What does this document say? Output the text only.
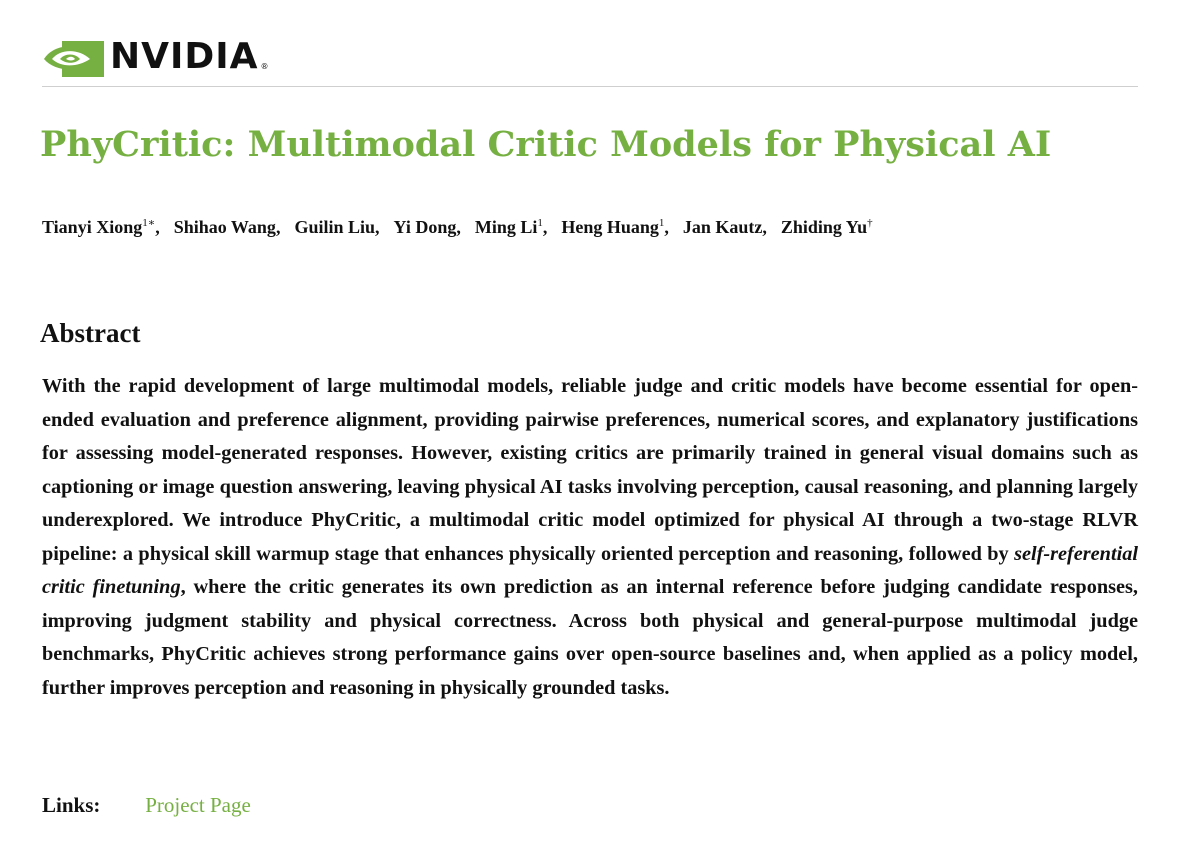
NVIDIA ®
PhyCritic: Multimodal Critic Models for Physical AI
Tianyi Xiong$^{1∗}$, Shihao Wang, Guilin Liu, Yi Dong, Ming Li$^1$, Heng Huang$^1$, Jan Kautz, Zhiding Yu†
Abstract

With the rapid development of large multimodal models, reliable judge and critic models have become essential for open-ended evaluation and preference alignment, providing pairwise preferences, numerical scores, and explanatory justifications for assessing model-generated responses. However, existing critics are primarily trained in general visual domains such as captioning or image question answering, leaving physical AI tasks involving perception, causal reasoning, and planning largely underexplored. We introduce PhyCritic, a multimodal critic model optimized for physical AI through a two-stage RLVR pipeline: a physical skill warmup stage that enhances physically oriented perception and reasoning, followed by self-referential critic finetuning, where the critic generates its own prediction as an internal reference before judging candidate responses, improving judgment stability and physical correctness. Across both physical and general-purpose multimodal judge benchmarks, PhyCritic achieves strong performance gains over open-source baselines and, when applied as a policy model, further improves perception and reasoning in physically grounded tasks.

Links: Project Page
